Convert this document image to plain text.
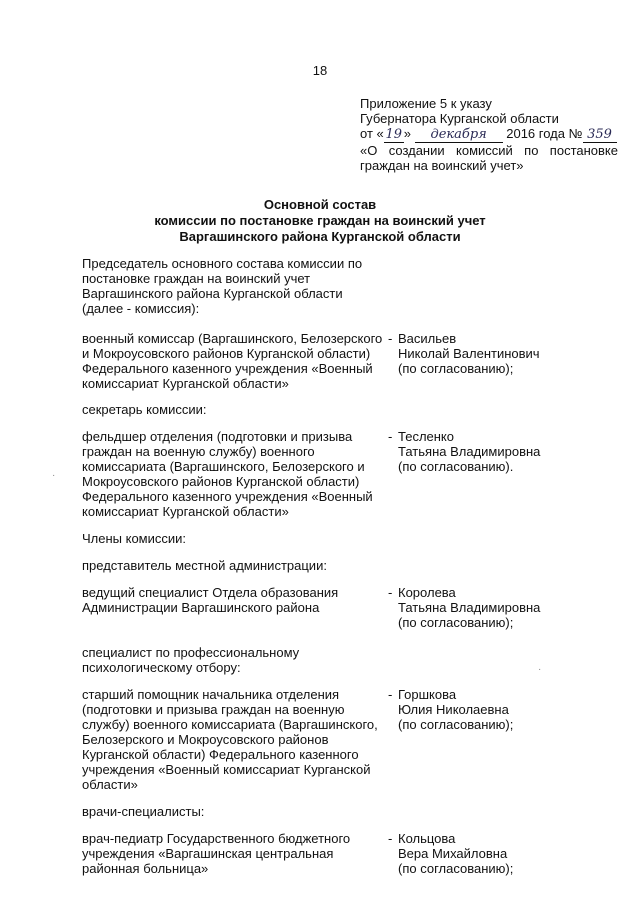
18
Приложение 5 к указу
Губернатора Курганской области
от « 19 » декабря 2016 года № 359
«О создании комиссий по постановке
граждан на воинский учет»
Основной состав
комиссии по постановке граждан на воинский учет
Варгашинского района Курганской области
Председатель основного состава комиссии по
постановке граждан на воинский учет
Варгашинского района Курганской области
(далее - комиссия):
военный комиссар (Варгашинского, Белозерского
и Мокроусовского районов Курганской области)
Федерального казенного учреждения «Военный
комиссариат Курганской области»
- Васильев
Николай Валентинович
(по согласованию);
секретарь комиссии:
фельдшер отделения (подготовки и призыва
граждан на военную службу) военного
комиссариата (Варгашинского, Белозерского и
Мокроусовского районов Курганской области)
Федерального казенного учреждения «Военный
комиссариат Курганской области»
- Тесленко
Татьяна Владимировна
(по согласованию).
Члены комиссии:
представитель местной администрации:
ведущий специалист Отдела образования
Администрации Варгашинского района
- Королева
Татьяна Владимировна
(по согласованию);
специалист по профессиональному
психологическому отбору:
старший помощник начальника отделения
(подготовки и призыва граждан на военную
службу) военного комиссариата (Варгашинского,
Белозерского и Мокроусовского районов
Курганской области) Федерального казенного
учреждения «Военный комиссариат Курганской
области»
- Горшкова
Юлия Николаевна
(по согласованию);
врачи-специалисты:
врач-педиатр Государственного бюджетного
учреждения «Варгашинская центральная
районная больница»
- Кольцова
Вера Михайловна
(по согласованию);
·
·
